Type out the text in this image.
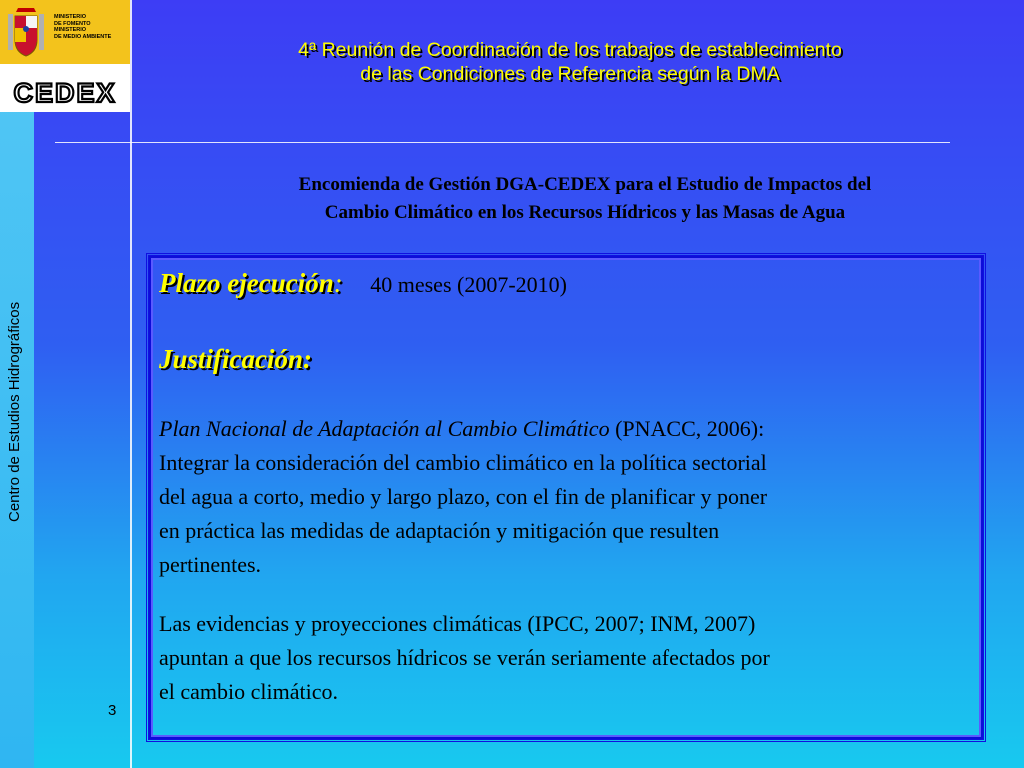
MINISTERIO
DE FOMENTO
MINISTERIO
DE MEDIO AMBIENTE
CEDEX
Centro de Estudios Hidrográficos
3
4ª Reunión de Coordinación de los trabajos de establecimiento
de las Condiciones de Referencia según la DMA
Encomienda de Gestión DGA-CEDEX para el Estudio de Impactos del
Cambio Climático en los Recursos Hídricos y las Masas de Agua
Plazo ejecución: 40 meses (2007-2010)
Justificación:
Plan Nacional de Adaptación al Cambio Climático (PNACC, 2006):
Integrar la consideración del cambio climático en la política sectorial
del agua a corto, medio y largo plazo, con el fin de planificar y poner
en práctica las medidas de adaptación y mitigación que resulten
pertinentes.
Las evidencias y proyecciones climáticas (IPCC, 2007; INM, 2007)
apuntan a que los recursos hídricos se verán seriamente afectados por
el cambio climático.
